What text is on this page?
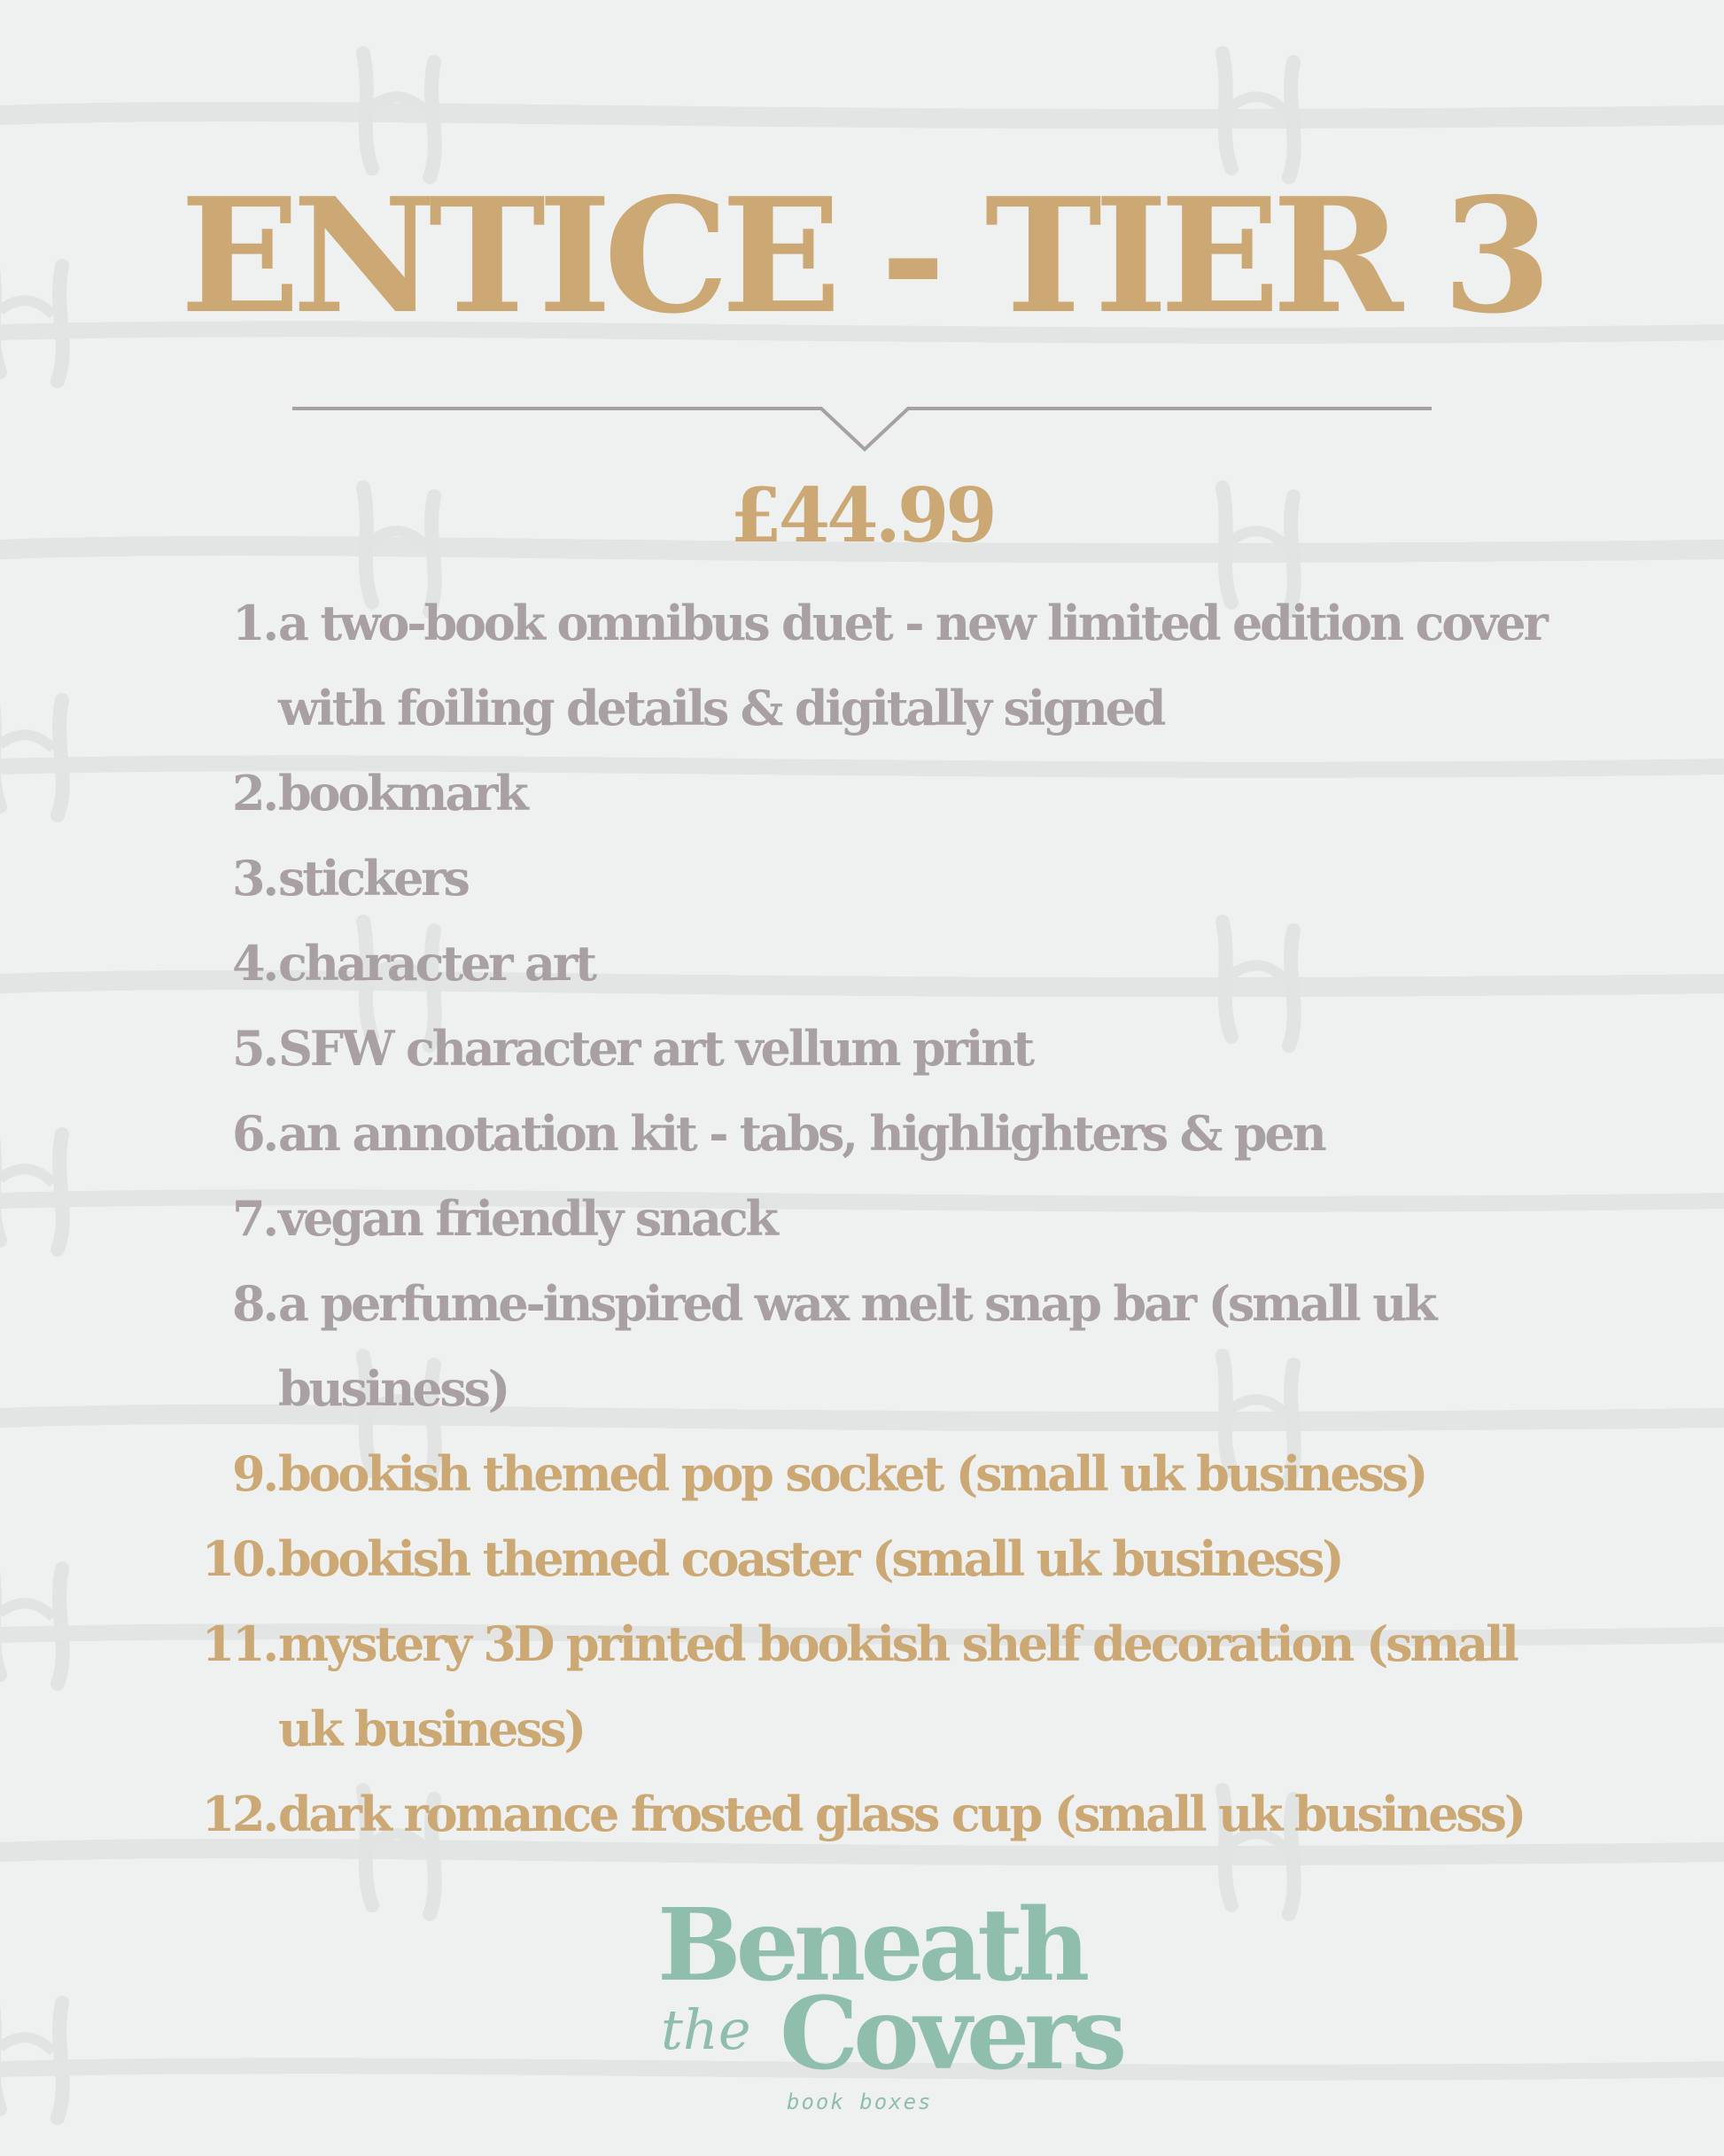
ENTICE - TIER 3
£44.99
1. a two-book omnibus duet - new limited edition cover with foiling details & digitally signed
2. bookmark
3. stickers
4. character art
5. SFW character art vellum print
6. an annotation kit - tabs, highlighters & pen
7. vegan friendly snack
8. a perfume-inspired wax melt snap bar (small uk business)
9. bookish themed pop socket (small uk business)
10. bookish themed coaster (small uk business)
11. mystery 3D printed bookish shelf decoration (small uk business)
12. dark romance frosted glass cup (small uk business)
Beneath
the Covers
book boxes
